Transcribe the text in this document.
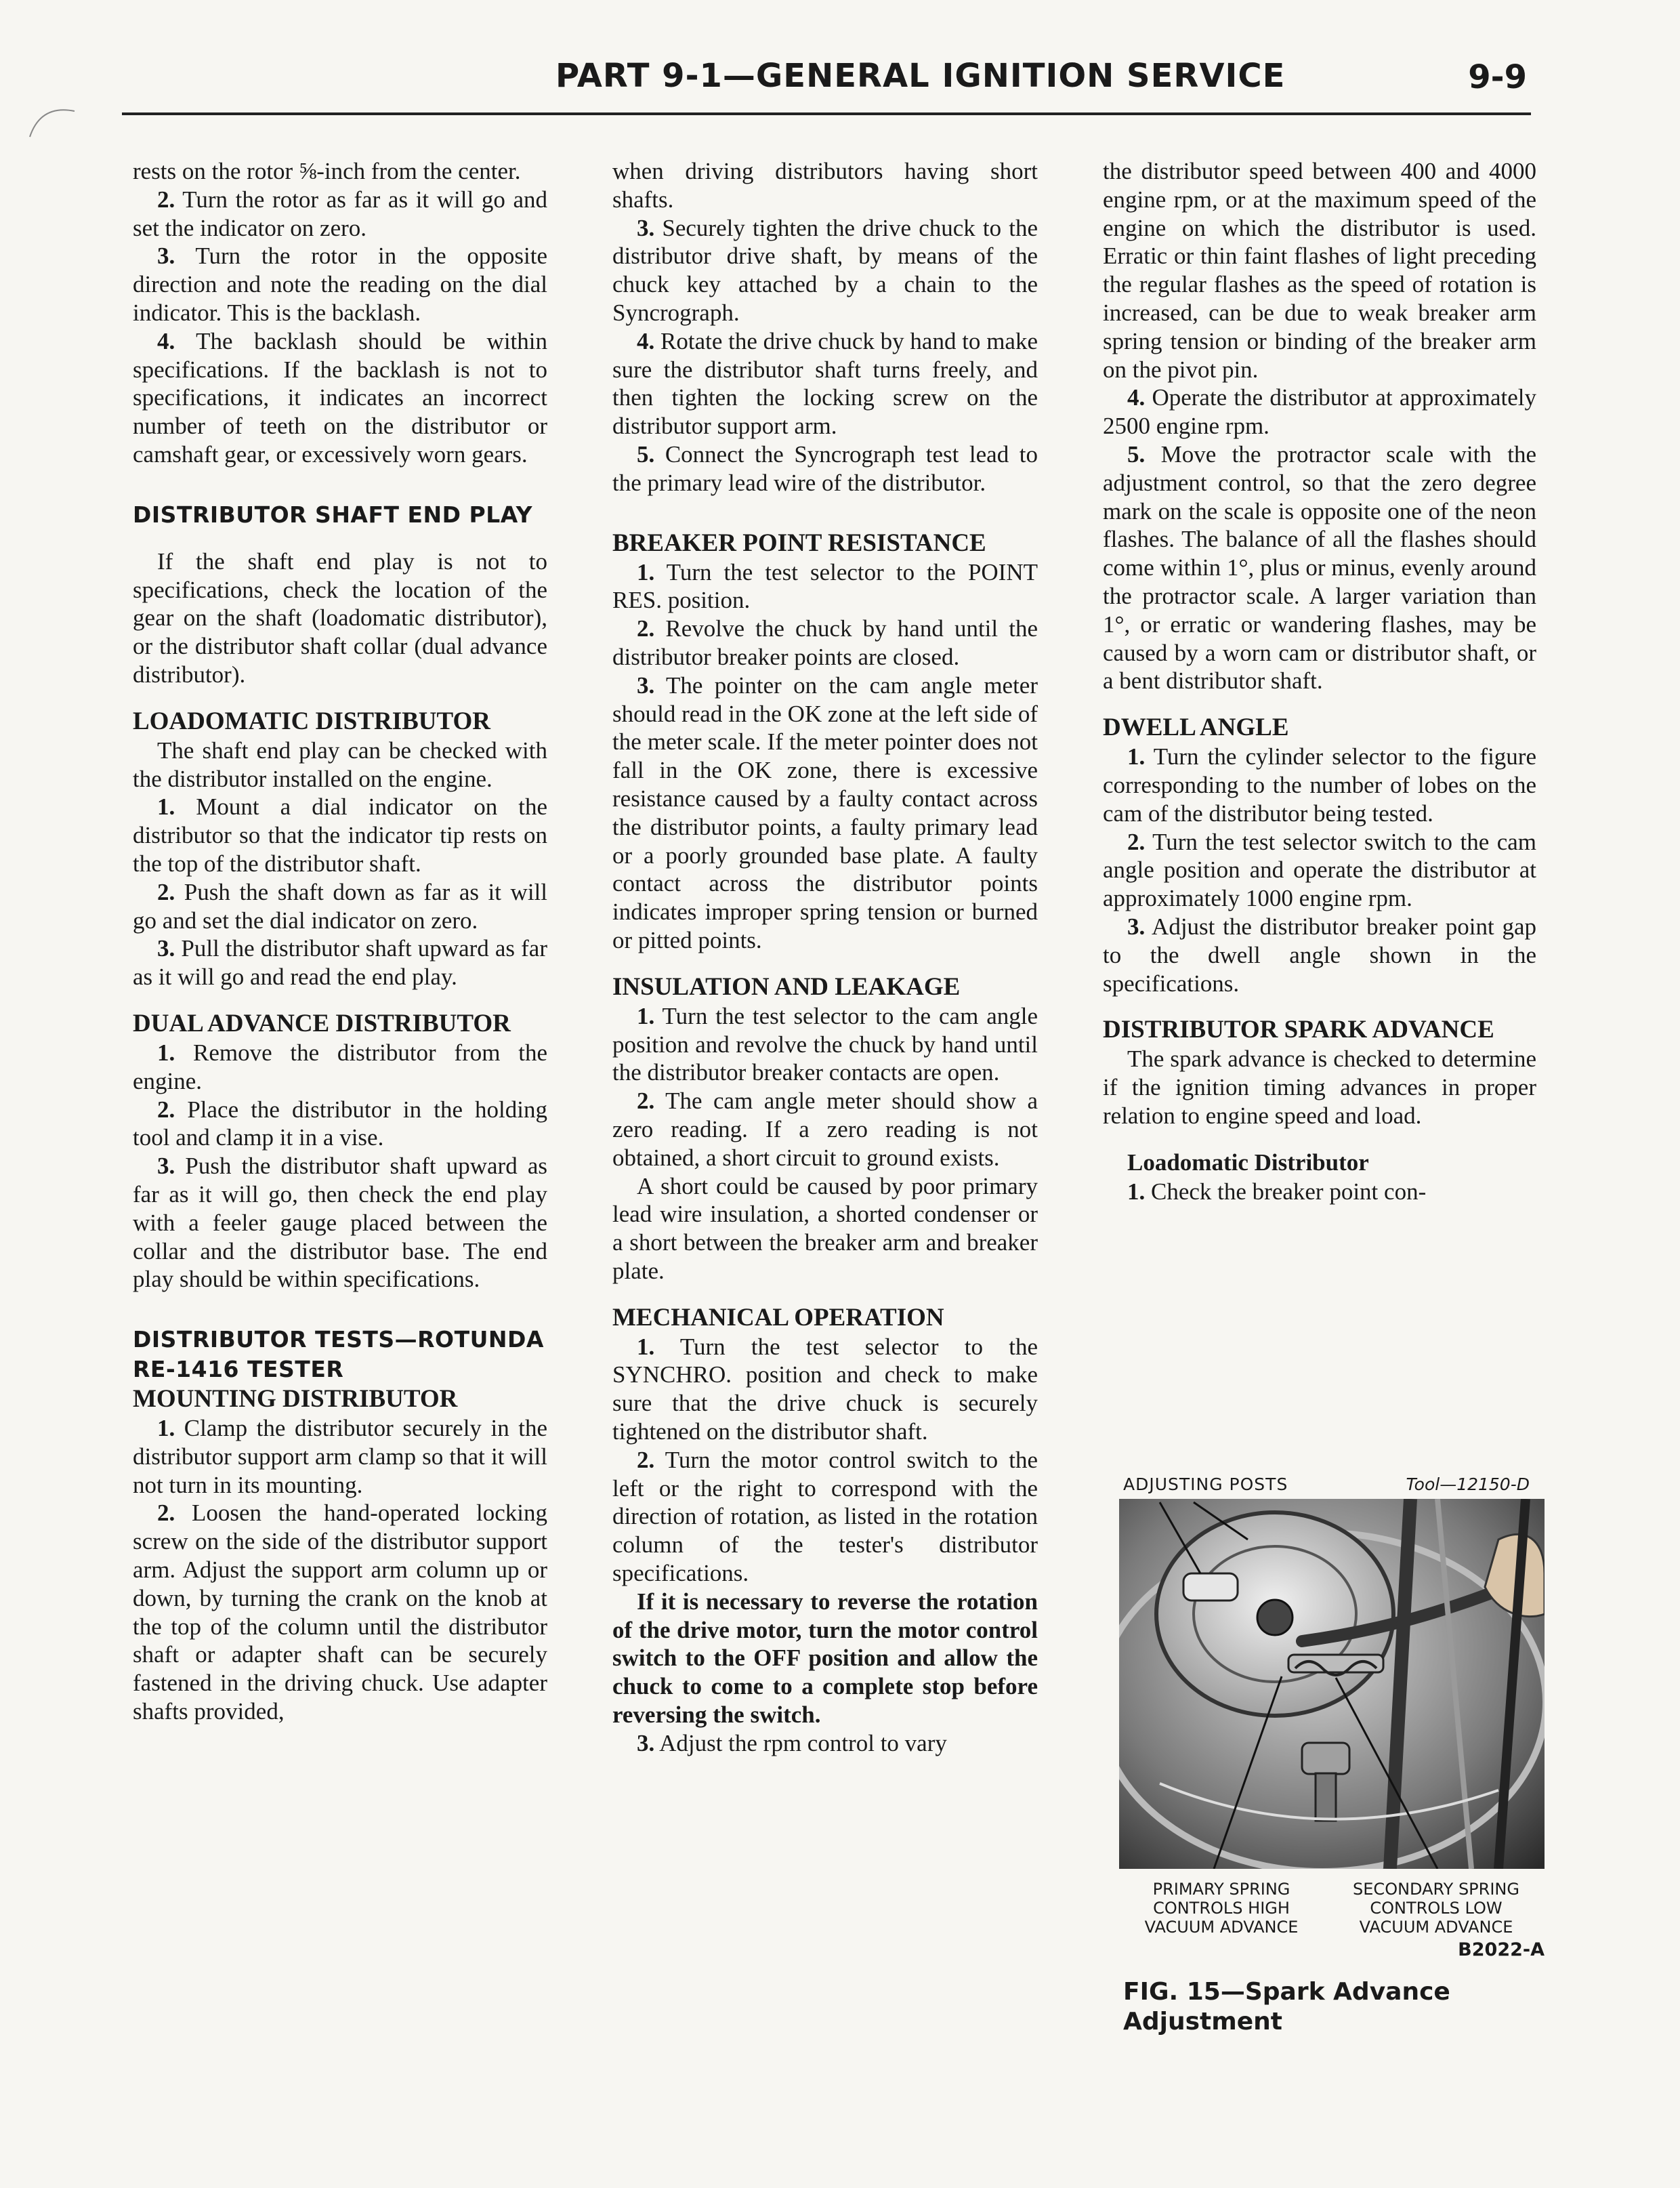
PART 9-1—GENERAL IGNITION SERVICE	9-9

rests on the rotor ⅝-inch from the center.

2. Turn the rotor as far as it will go and set the indicator on zero.

3. Turn the rotor in the opposite direction and note the reading on the dial indicator. This is the backlash.

4. The backlash should be within specifications. If the backlash is not to specifications, it indicates an incorrect number of teeth on the distributor or camshaft gear, or excessively worn gears.

DISTRIBUTOR SHAFT END PLAY

If the shaft end play is not to specifications, check the location of the gear on the shaft (loadomatic distributor), or the distributor shaft collar (dual advance distributor).

LOADOMATIC DISTRIBUTOR

The shaft end play can be checked with the distributor installed on the engine.

1. Mount a dial indicator on the distributor so that the indicator tip rests on the top of the distributor shaft.

2. Push the shaft down as far as it will go and set the dial indicator on zero.

3. Pull the distributor shaft upward as far as it will go and read the end play.

DUAL ADVANCE DISTRIBUTOR

1. Remove the distributor from the engine.

2. Place the distributor in the holding tool and clamp it in a vise.

3. Push the distributor shaft upward as far as it will go, then check the end play with a feeler gauge placed between the collar and the distributor base. The end play should be within specifications.

DISTRIBUTOR TESTS—ROTUNDA RE-1416 TESTER
MOUNTING DISTRIBUTOR

1. Clamp the distributor securely in the distributor support arm clamp so that it will not turn in its mounting.

2. Loosen the hand-operated locking screw on the side of the distributor support arm. Adjust the support arm column up or down, by turning the crank on the knob at the top of the column until the distributor shaft or adapter shaft can be securely fastened in the driving chuck. Use adapter shafts provided,

when driving distributors having short shafts.

3. Securely tighten the drive chuck to the distributor drive shaft, by means of the chuck key attached by a chain to the Syncrograph.

4. Rotate the drive chuck by hand to make sure the distributor shaft turns freely, and then tighten the locking screw on the distributor support arm.

5. Connect the Syncrograph test lead to the primary lead wire of the distributor.

BREAKER POINT RESISTANCE

1. Turn the test selector to the POINT RES. position.

2. Revolve the chuck by hand until the distributor breaker points are closed.

3. The pointer on the cam angle meter should read in the OK zone at the left side of the meter scale. If the meter pointer does not fall in the OK zone, there is excessive resistance caused by a faulty contact across the distributor points, a faulty primary lead or a poorly grounded base plate. A faulty contact across the distributor points indicates improper spring tension or burned or pitted points.

INSULATION AND LEAKAGE

1. Turn the test selector to the cam angle position and revolve the chuck by hand until the distributor breaker contacts are open.

2. The cam angle meter should show a zero reading. If a zero reading is not obtained, a short circuit to ground exists.

A short could be caused by poor primary lead wire insulation, a shorted condenser or a short between the breaker arm and breaker plate.

MECHANICAL OPERATION

1. Turn the test selector to the SYNCHRO. position and check to make sure that the drive chuck is securely tightened on the distributor shaft.

2. Turn the motor control switch to the left or the right to correspond with the direction of rotation, as listed in the rotation column of the tester's distributor specifications.

If it is necessary to reverse the rotation of the drive motor, turn the motor control switch to the OFF position and allow the chuck to come to a complete stop before reversing the switch.

3. Adjust the rpm control to vary

the distributor speed between 400 and 4000 engine rpm, or at the maximum speed of the engine on which the distributor is used. Erratic or thin faint flashes of light preceding the regular flashes as the speed of rotation is increased, can be due to weak breaker arm spring tension or binding of the breaker arm on the pivot pin.

4. Operate the distributor at approximately 2500 engine rpm.

5. Move the protractor scale with the adjustment control, so that the zero degree mark on the scale is opposite one of the neon flashes. The balance of all the flashes should come within 1°, plus or minus, evenly around the protractor scale. A larger variation than 1°, or erratic or wandering flashes, may be caused by a worn cam or distributor shaft, or a bent distributor shaft.

DWELL ANGLE

1. Turn the cylinder selector to the figure corresponding to the number of lobes on the cam of the distributor being tested.

2. Turn the test selector switch to the cam angle position and operate the distributor at approximately 1000 engine rpm.

3. Adjust the distributor breaker point gap to the dwell angle shown in the specifications.

DISTRIBUTOR SPARK ADVANCE

The spark advance is checked to determine if the ignition timing advances in proper relation to engine speed and load.

Loadomatic Distributor

1. Check the breaker point con-

ADJUSTING POSTS	Tool—12150-D
PRIMARY SPRING CONTROLS HIGH VACUUM ADVANCE
SECONDARY SPRING CONTROLS LOW VACUUM ADVANCE
B2022-A
FIG. 15—Spark Advance Adjustment
